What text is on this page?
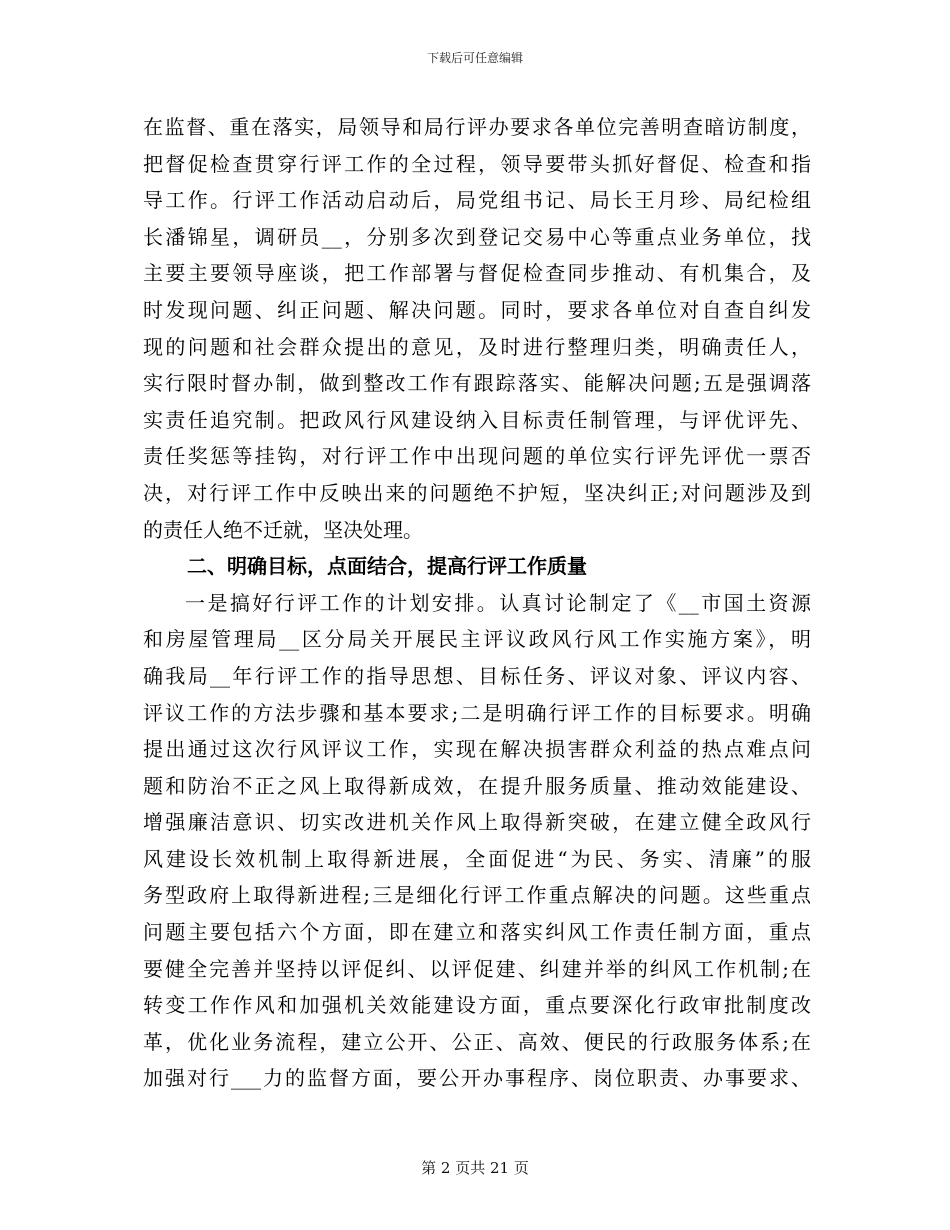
下载后可任意编辑
在监督、重在落实，局领导和局行评办要求各单位完善明查暗访制度，
把督促检查贯穿行评工作的全过程，领导要带头抓好督促、检查和指
导工作。行评工作活动启动后，局党组书记、局长王月珍、局纪检组
长潘锦星，调研员__，分别多次到登记交易中心等重点业务单位，找
主要主要领导座谈，把工作部署与督促检查同步推动、有机集合，及
时发现问题、纠正问题、解决问题。同时，要求各单位对自查自纠发
现的问题和社会群众提出的意见，及时进行整理归类，明确责任人，
实行限时督办制，做到整改工作有跟踪落实、能解决问题;五是强调落
实责任追究制。把政风行风建设纳入目标责任制管理，与评优评先、
责任奖惩等挂钩，对行评工作中出现问题的单位实行评先评优一票否
决，对行评工作中反映出来的问题绝不护短，坚决纠正;对问题涉及到
的责任人绝不迁就，坚决处理。
二、明确目标，点面结合，提高行评工作质量
一是搞好行评工作的计划安排。认真讨论制定了《__市国土资源
和房屋管理局__区分局关开展民主评议政风行风工作实施方案》，明
确我局__年行评工作的指导思想、目标任务、评议对象、评议内容、
评议工作的方法步骤和基本要求;二是明确行评工作的目标要求。明确
提出通过这次行风评议工作，实现在解决损害群众利益的热点难点问
题和防治不正之风上取得新成效，在提升服务质量、推动效能建设、
增强廉洁意识、切实改进机关作风上取得新突破，在建立健全政风行
风建设长效机制上取得新进展，全面促进“为民、务实、清廉”的服
务型政府上取得新进程;三是细化行评工作重点解决的问题。这些重点
问题主要包括六个方面，即在建立和落实纠风工作责任制方面，重点
要健全完善并坚持以评促纠、以评促建、纠建并举的纠风工作机制;在
转变工作作风和加强机关效能建设方面，重点要深化行政审批制度改
革，优化业务流程，建立公开、公正、高效、便民的行政服务体系;在
加强对行___力的监督方面，要公开办事程序、岗位职责、办事要求、
第 2 页共 21 页
